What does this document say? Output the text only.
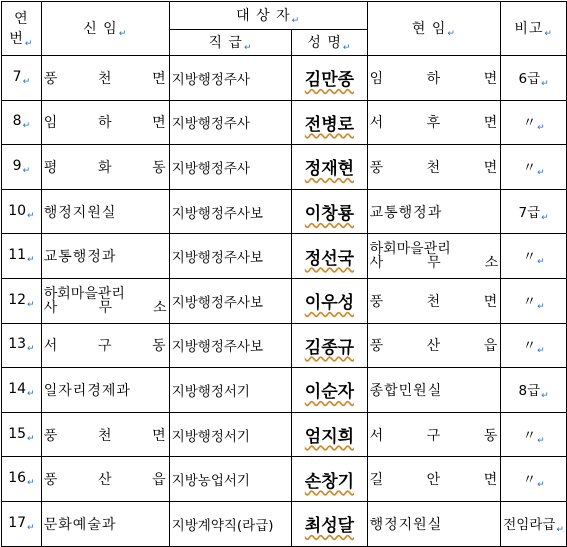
연
번$_↵$	신 임$_↵$	대 상 자$_↵$		현 임$_↵$	비고$_↵$
		직 급$_↵$	성 명$_↵$
$7_↵$	풍 천 면	지방행정주사	김만종	임 하 면	6급$_↵$
$8_↵$	임 하 면	지방행정주사	전병로	서 후 면	〃$_↵$
$9_↵$	평 화 동	지방행정주사	정재현	풍 천 면	〃$_↵$
$10_↵$	행정지원실	지방행정주사보	이창룡	교통행정과	7급$_↵$
$11_↵$	교통행정과	지방행정주사보	정선국	하회마을관리
사 무 소	〃$_↵$
$12_↵$	하회마을관리
사 무 소	지방행정주사보	이우성	풍 천 면	〃$_↵$
$13_↵$	서 구 동	지방행정주사보	김종규	풍 산 읍	〃$_↵$
$14_↵$	일자리경제과	지방행정서기	이순자	종합민원실	8급$_↵$
$15_↵$	풍 천 면	지방행정서기	엄지희	서 구 동	〃$_↵$
$16_↵$	풍 산 읍	지방농업서기	손창기	길 안 면	〃$_↵$
$17_↵$	문화예술과	지방계약직(라급)	최성달	행정지원실	전임라급$_↵$
